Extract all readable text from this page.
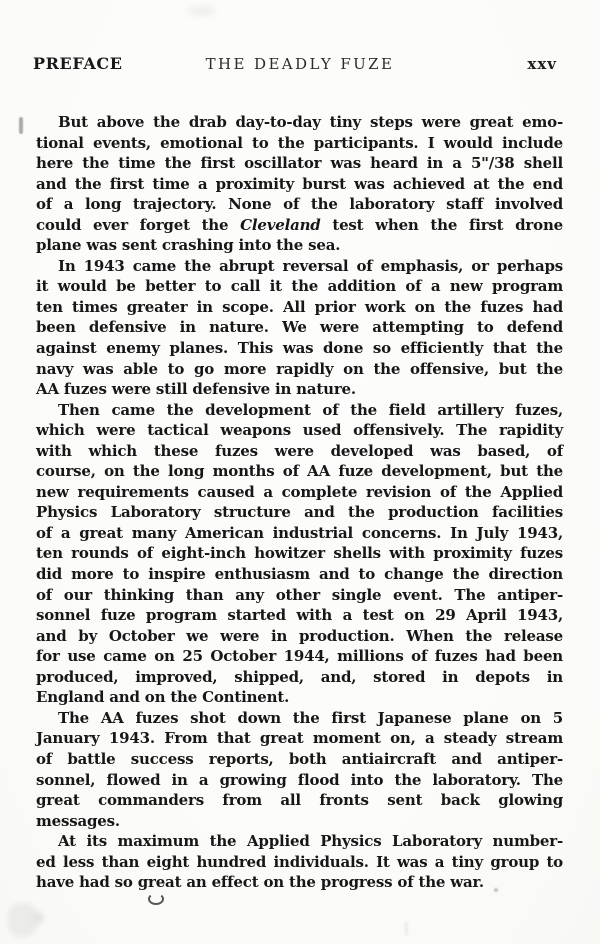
PREFACE	THE DEADLY FUZE	xxv
But above the drab day-to-day tiny steps were great emo-
tional events, emotional to the participants. I would include
here the time the first oscillator was heard in a 5"/38 shell
and the first time a proximity burst was achieved at the end
of a long trajectory. None of the laboratory staff involved
could ever forget the Cleveland test when the first drone
plane was sent crashing into the sea.
In 1943 came the abrupt reversal of emphasis, or perhaps
it would be better to call it the addition of a new program
ten times greater in scope. All prior work on the fuzes had
been defensive in nature. We were attempting to defend
against enemy planes. This was done so efficiently that the
navy was able to go more rapidly on the offensive, but the
AA fuzes were still defensive in nature.
Then came the development of the field artillery fuzes,
which were tactical weapons used offensively. The rapidity
with which these fuzes were developed was based, of
course, on the long months of AA fuze development, but the
new requirements caused a complete revision of the Applied
Physics Laboratory structure and the production facilities
of a great many American industrial concerns. In July 1943,
ten rounds of eight-inch howitzer shells with proximity fuzes
did more to inspire enthusiasm and to change the direction
of our thinking than any other single event. The antiper-
sonnel fuze program started with a test on 29 April 1943,
and by October we were in production. When the release
for use came on 25 October 1944, millions of fuzes had been
produced, improved, shipped, and, stored in depots in
England and on the Continent.
The AA fuzes shot down the first Japanese plane on 5
January 1943. From that great moment on, a steady stream
of battle success reports, both antiaircraft and antiper-
sonnel, flowed in a growing flood into the laboratory. The
great commanders from all fronts sent back glowing
messages.
At its maximum the Applied Physics Laboratory number-
ed less than eight hundred individuals. It was a tiny group to
have had so great an effect on the progress of the war.
